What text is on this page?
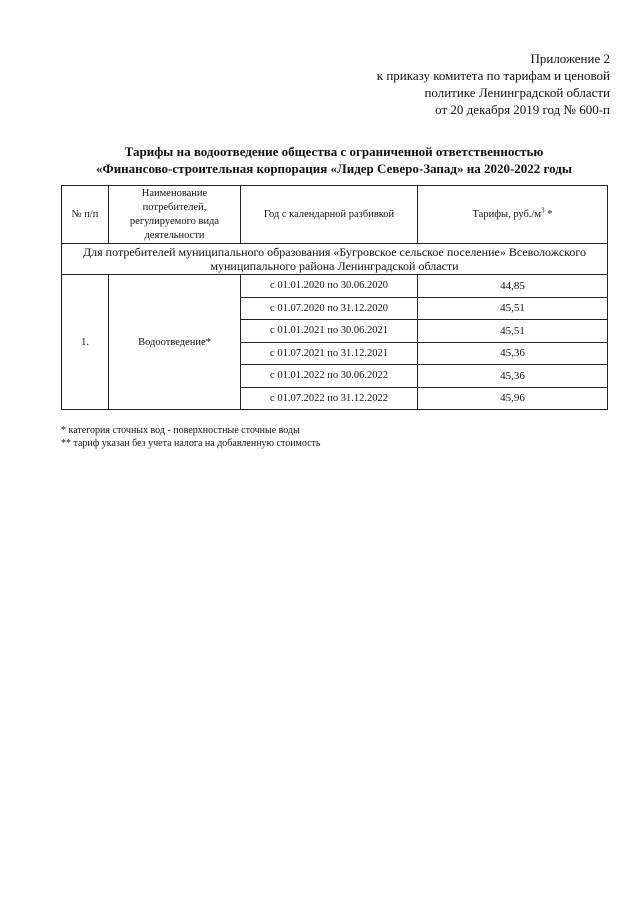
Приложение 2
к приказу комитета по тарифам и ценовой
политике Ленинградской области
от 20 декабря 2019 год № 600-п
Тарифы на водоотведение общества с ограниченной ответственностью
«Финансово-строительная корпорация «Лидер Северо-Запад» на 2020-2022 годы
№ п/п	Наименование потребителей, регулируемого вида деятельности	Год с календарной разбивкой	Тарифы, $руб./м^3$ *
Для потребителей муниципального образования «Бугровское сельское поселение» Всеволожского муниципального района Ленинградской области			
1.	Водоотведение*	с 01.01.2020 по 30.06.2020	44,85
		с 01.07.2020 по 31.12.2020	45,51
		с 01.01.2021 по 30.06.2021	45,51
		с 01.07.2021 по 31.12.2021	45,36
		с 01.01.2022 по 30.06.2022	45,36
		с 01.07.2022 по 31.12.2022	45,96
* категория сточных вод - поверхностные сточные воды
** тариф указан без учета налога на добавленную стоимость
